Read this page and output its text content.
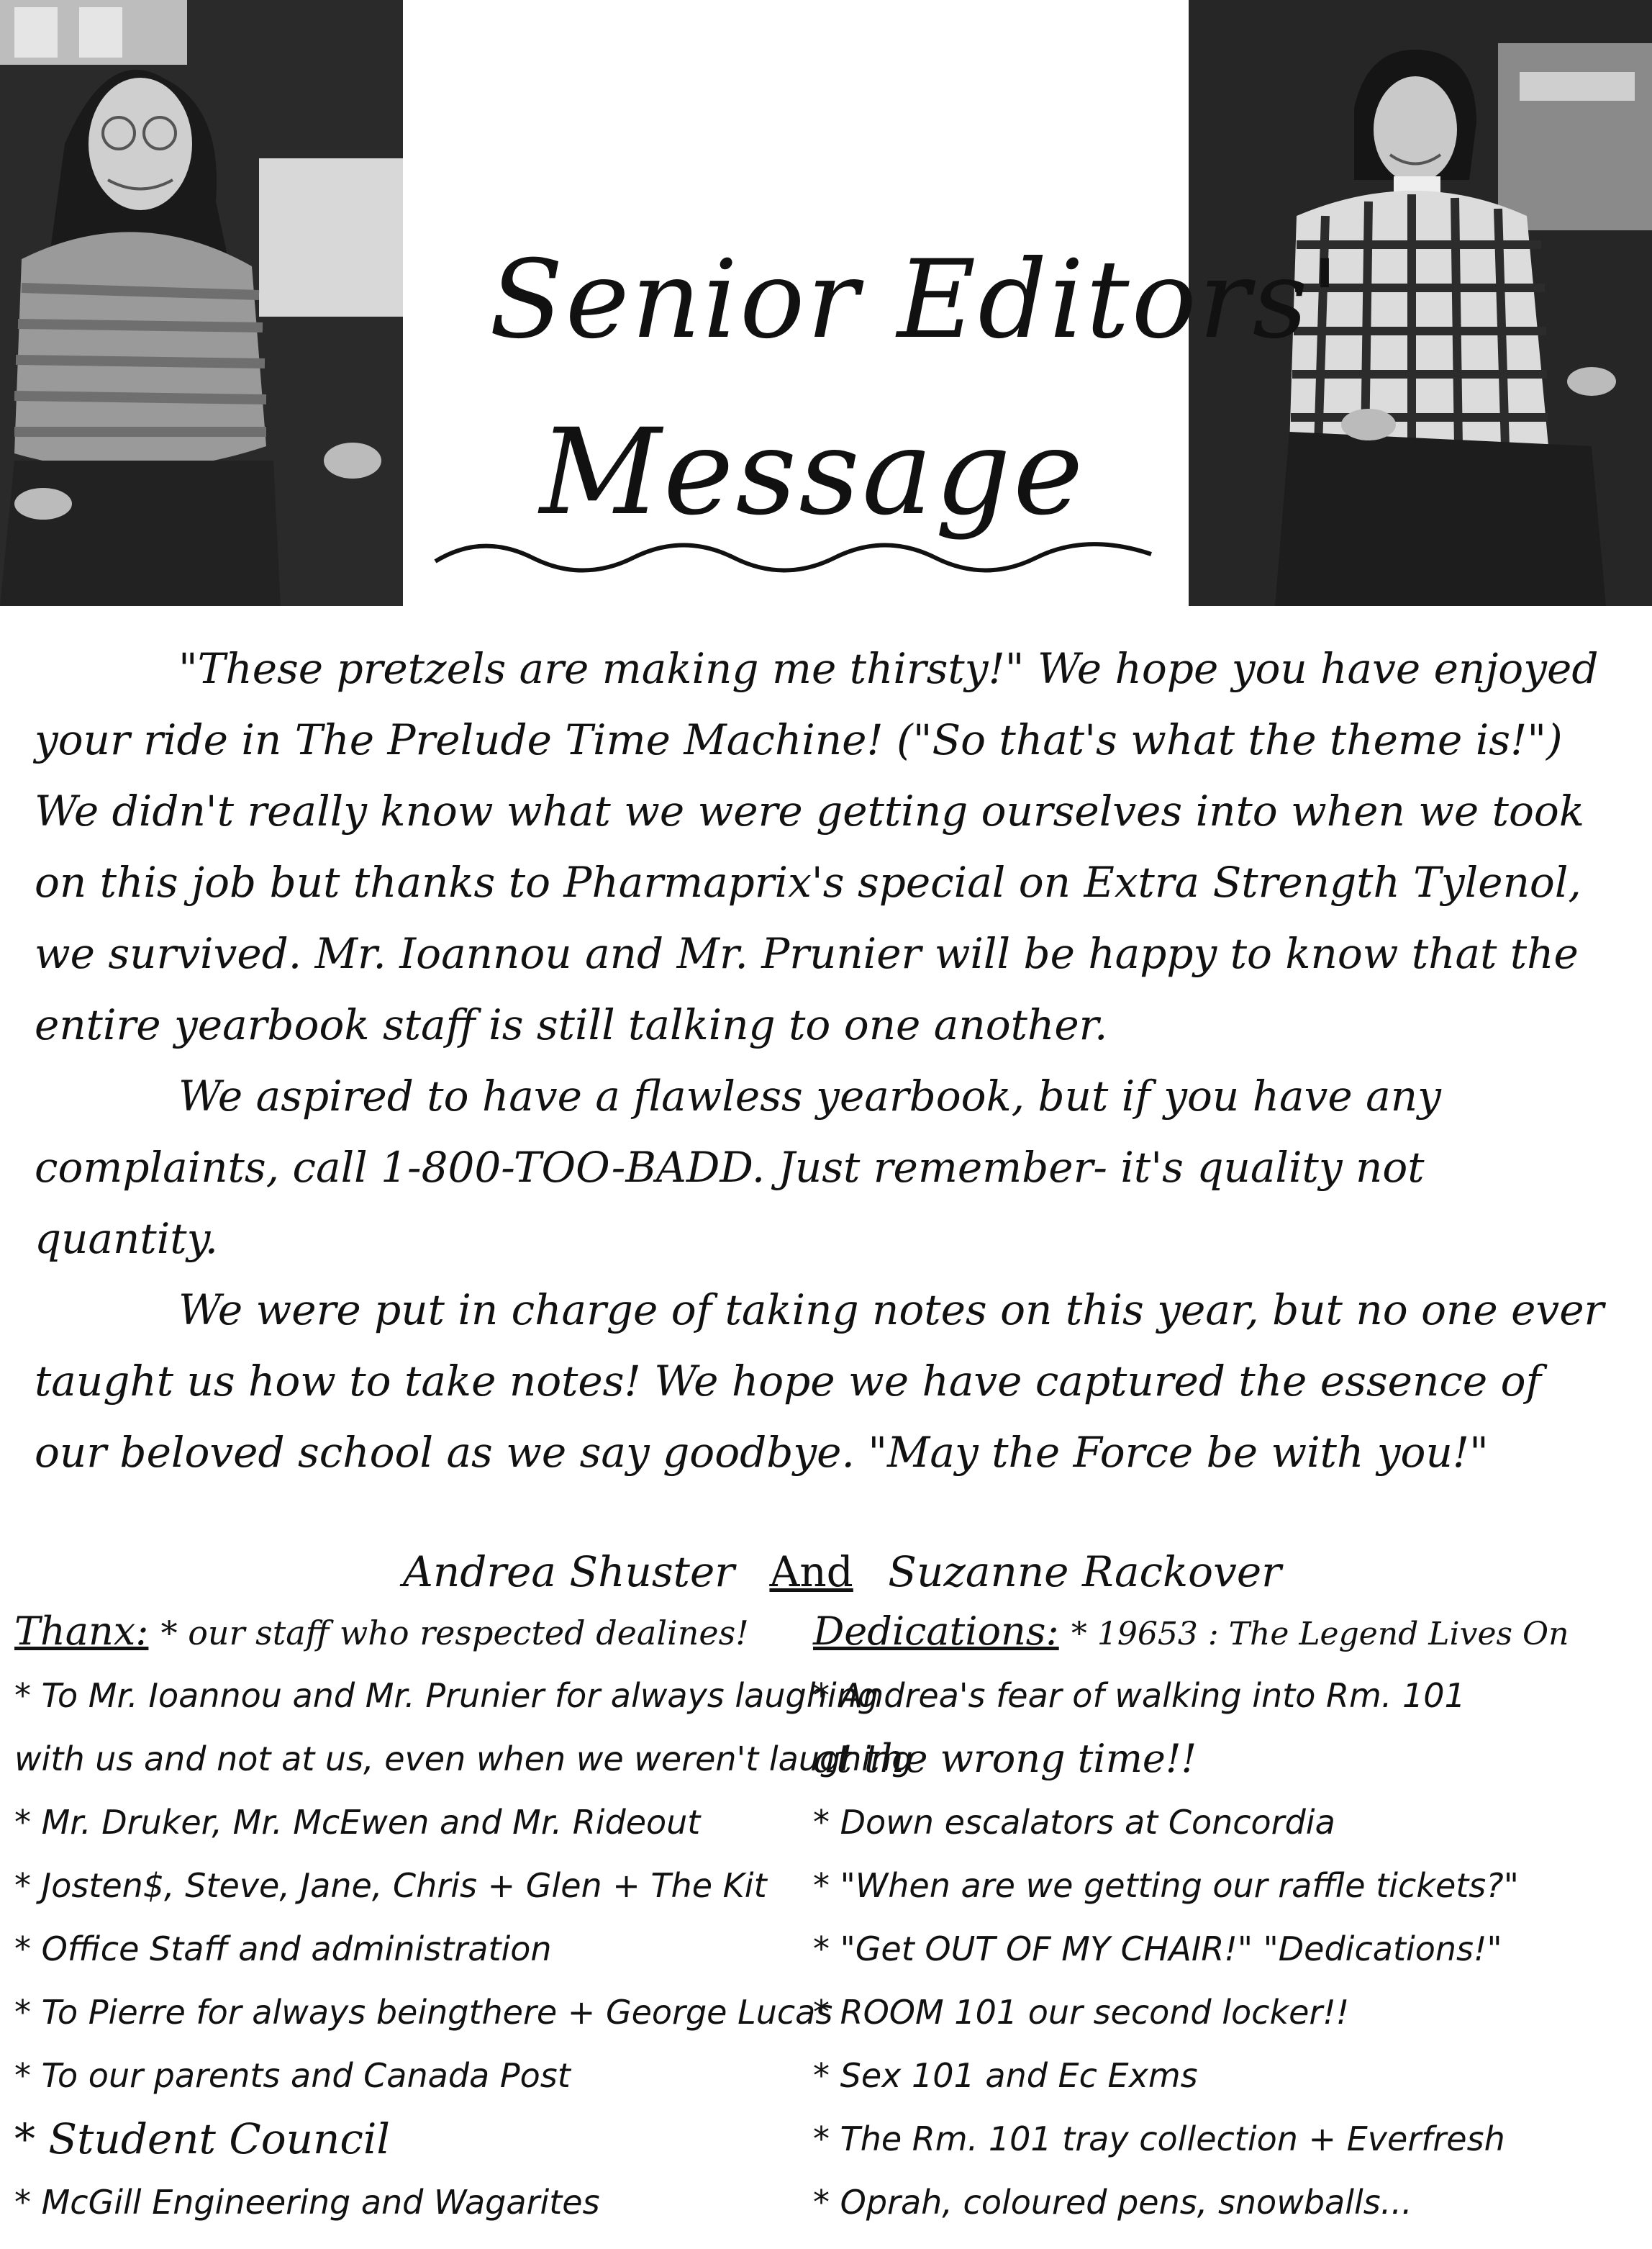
Senior Editors'
Message

"These pretzels are making me thirsty!" We hope you have enjoyed your ride in The Prelude Time Machine! ("So that's what the theme is!") We didn't really know what we were getting ourselves into when we took on this job but thanks to Pharmaprix's special on Extra Strength Tylenol, we survived. Mr. Ioannou and Mr. Prunier will be happy to know that the entire yearbook staff is still talking to one another.

We aspired to have a flawless yearbook, but if you have any complaints, call 1-800-TOO-BADD. Just remember- it's quality not quantity.

We were put in charge of taking notes on this year, but no one ever taught us how to take notes! We hope we have captured the essence of our beloved school as we say goodbye. "May the Force be with you!"

Andrea Shuster And Suzanne Rackover
Thanx: * our staff who respected dealines!
* To Mr. Ioannou and Mr. Prunier for always laughing
with us and not at us, even when we weren't laughing
* Mr. Druker, Mr. McEwen and Mr. Rideout
* Josten$, Steve, Jane, Chris + Glen + The Kit
* Office Staff and administration
* To Pierre for always beingthere + George Lucas
* To our parents and Canada Post
* Student Council
* McGill Engineering and Wagarites
Dedications: * 19653 : The Legend Lives On
* Andrea's fear of walking into Rm. 101
at the wrong time!!
* Down escalators at Concordia
* "When are we getting our raffle tickets?"
* "Get OUT OF MY CHAIR!" "Dedications!"
* ROOM 101 our second locker!!
* Sex 101 and Ec Exms
* The Rm. 101 tray collection + Everfresh
* Oprah, coloured pens, snowballs...
